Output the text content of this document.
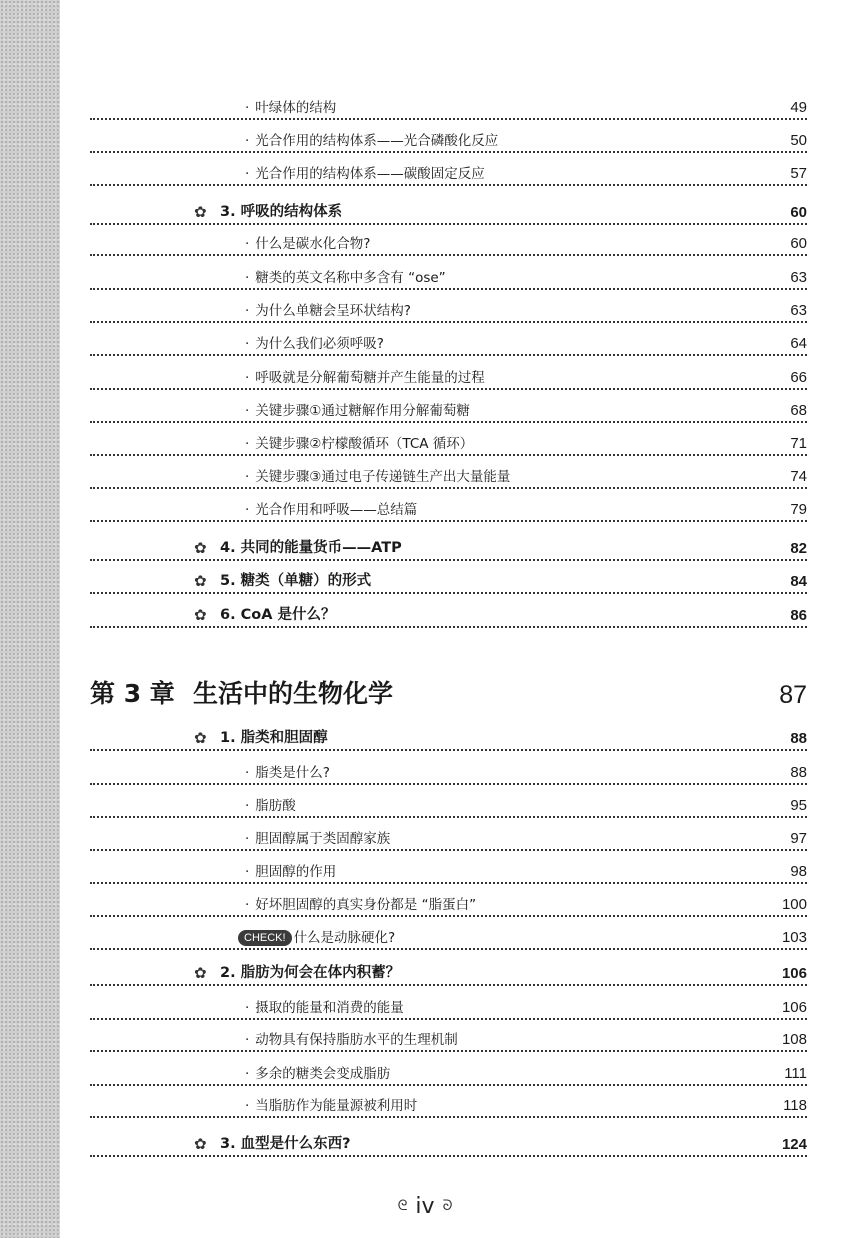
· 叶绿体的结构	49
· 光合作用的结构体系——光合磷酸化反应	50
· 光合作用的结构体系——碳酸固定反应	57
✿ 3. 呼吸的结构体系	60
· 什么是碳水化合物?	60
· 糖类的英文名称中多含有 “ose”	63
· 为什么单糖会呈环状结构?	63
· 为什么我们必须呼吸?	64
· 呼吸就是分解葡萄糖并产生能量的过程	66
· 关键步骤①通过糖解作用分解葡萄糖	68
· 关键步骤②柠檬酸循环（TCA 循环）	71
· 关键步骤③通过电子传递链生产出大量能量	74
· 光合作用和呼吸——总结篇	79
✿ 4. 共同的能量货币——ATP	82
✿ 5. 糖类（单糖）的形式	84
✿ 6. CoA 是什么？	86
第 3 章 生活中的生物化学	87
✿ 1. 脂类和胆固醇	88
· 脂类是什么?	88
· 脂肪酸	95
· 胆固醇属于类固醇家族	97
· 胆固醇的作用	98
· 好坏胆固醇的真实身份都是 “脂蛋白”	100
CHECK! 什么是动脉硬化?	103
✿ 2. 脂肪为何会在体内积蓄？	106
· 摄取的能量和消费的能量	106
· 动物具有保持脂肪水平的生理机制	108
· 多余的糖类会变成脂肪	111
· 当脂肪作为能量源被利用时	118
✿ 3. 血型是什么东西?	124
ᘓ iv ᘐ
